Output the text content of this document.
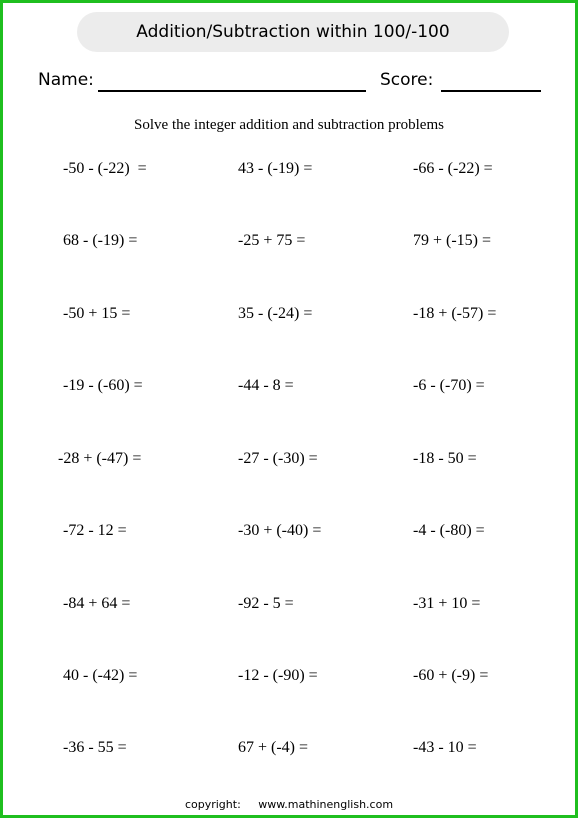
Addition/Subtraction within 100/-100
Name:	Score:
Solve the integer addition and subtraction problems
-50 - (-22)  =	43 - (-19) =	-66 - (-22) =
68 - (-19) =	-25 + 75 =	79 + (-15) =
-50 + 15 =	35 - (-24) =	-18 + (-57) =
-19 - (-60) =	-44 - 8 =	-6 - (-70) =
-28 + (-47) =	-27 - (-30) =	-18 - 50 =
-72 - 12 =	-30 + (-40) =	-4 - (-80) =
-84 + 64 =	-92 - 5 =	-31 + 10 =
40 - (-42) =	-12 - (-90) =	-60 + (-9) =
-36 - 55 =	67 + (-4) =	-43 - 10 =
copyright: www.mathinenglish.com
